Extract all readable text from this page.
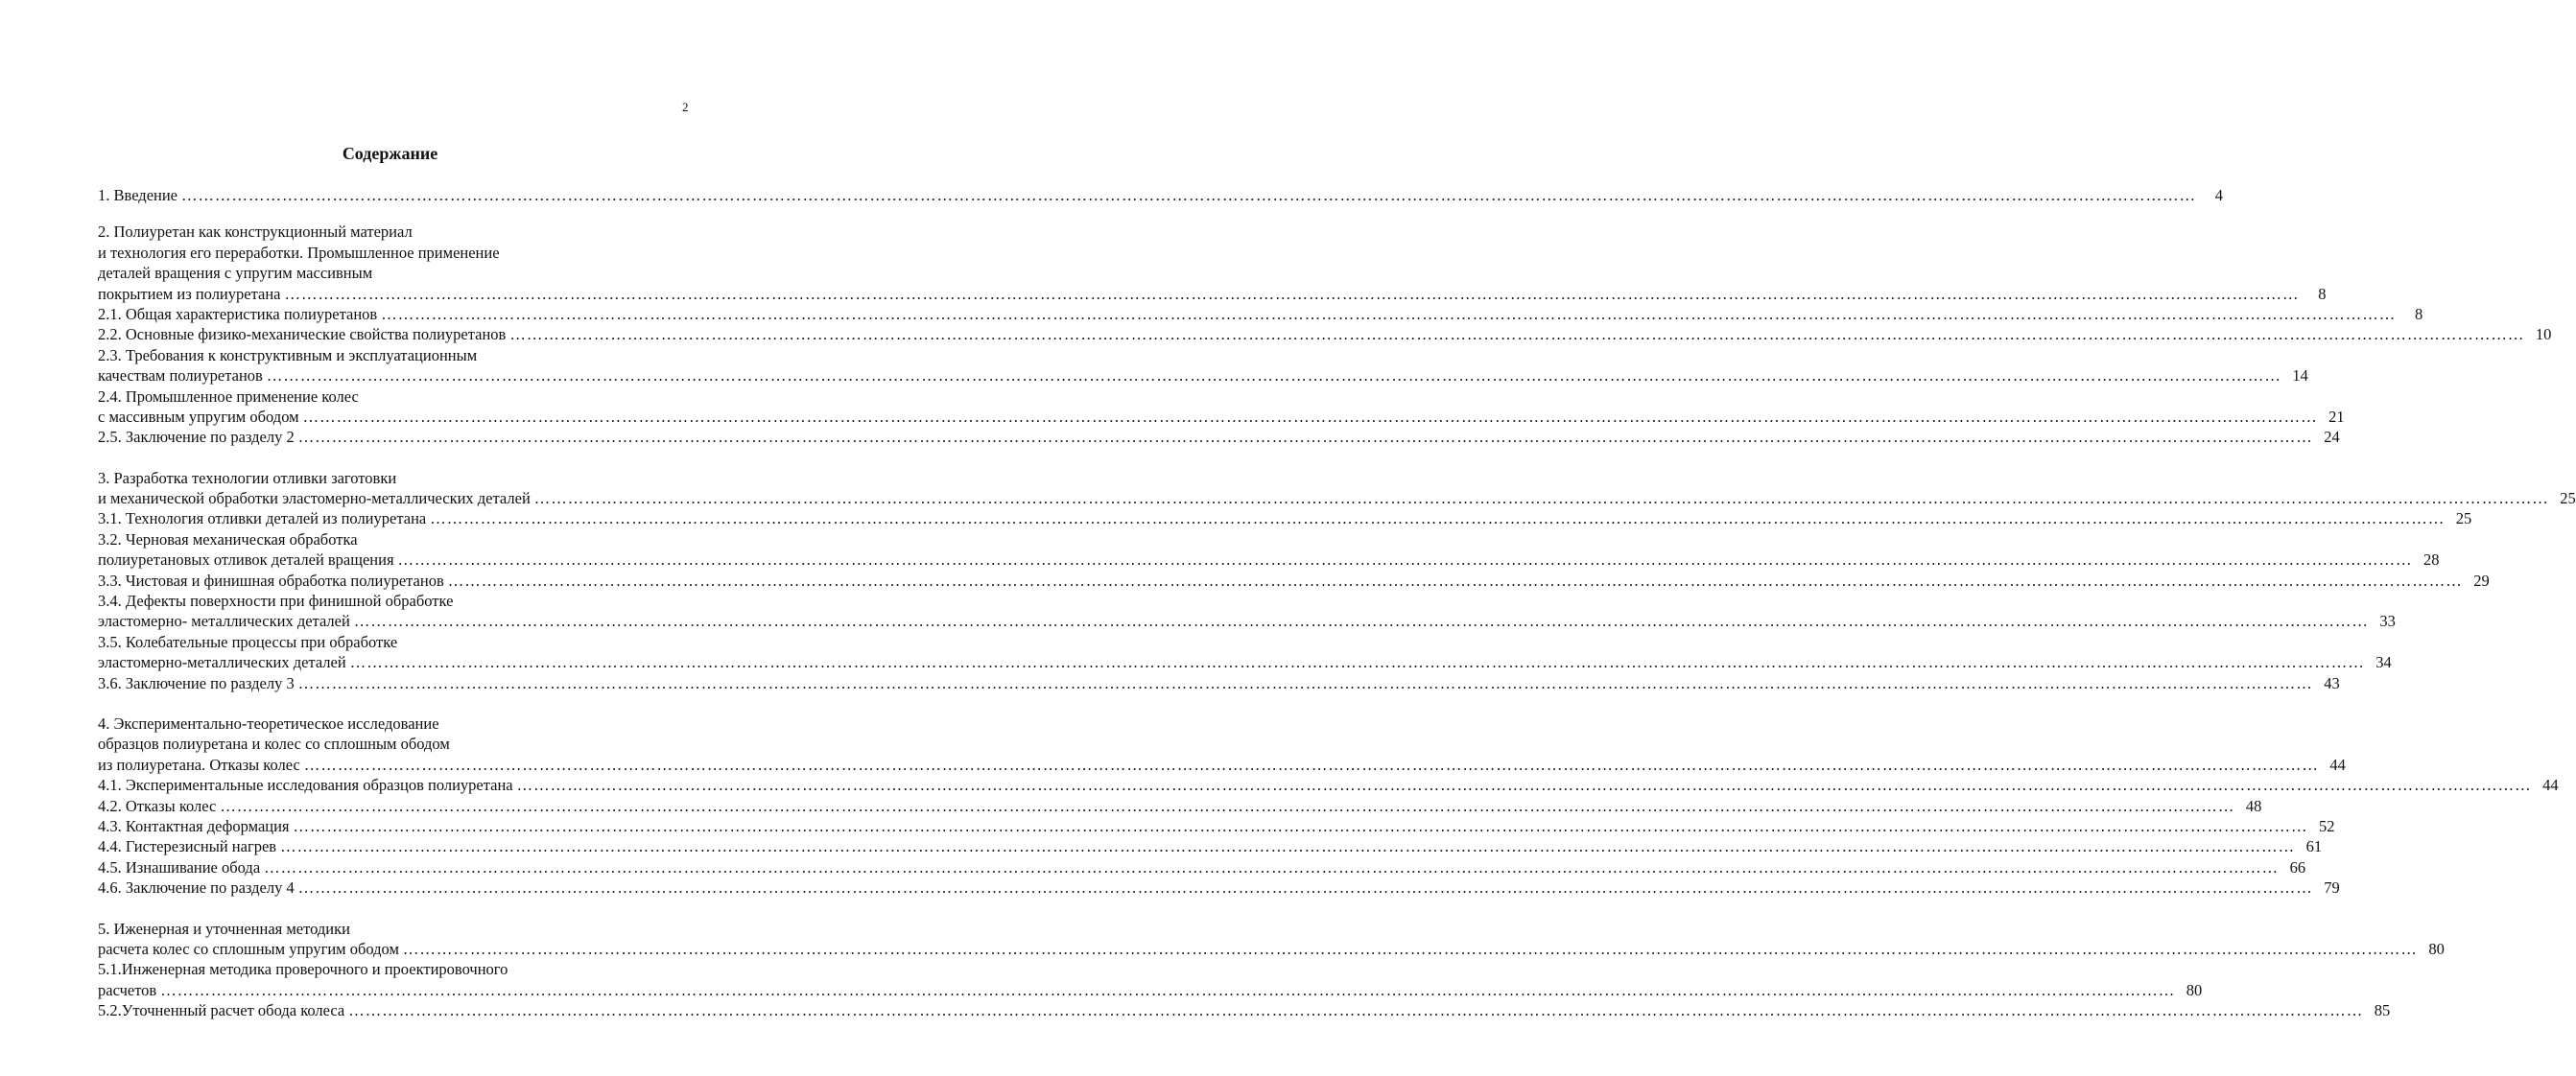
2
Содержание
1. Введение ………………………………………………………………………………………………………………………………………………………………………………………………………………………………………………………………………………………………………………………………	4
2. Полиуретан как конструкционный материал
и технология его переработки. Промышленное применение
деталей вращения с упругим массивным
покрытием из полиуретана ………………………………………………………………………………………………………………………………………………………………………………………………………………………………………………………………………………………………………………………………	8
2.1. Общая характеристика полиуретанов ………………………………………………………………………………………………………………………………………………………………………………………………………………………………………………………………………………………………………………………………	8
2.2. Основные физико-механические свойства полиуретанов ……………………………………………………………………………………………………………………………………………………………………………………………………………………………………………………………………………………………………………………………… 10
2.3. Требования к конструктивным и эксплуатационным
качествам полиуретанов ……………………………………………………………………………………………………………………………………………………………………………………………………………………………………………………………………………………………………………………………… 14
2.4. Промышленное применение колес
с массивным упругим ободом ……………………………………………………………………………………………………………………………………………………………………………………………………………………………………………………………………………………………………………………………… 21
2.5. Заключение по разделу 2 ……………………………………………………………………………………………………………………………………………………………………………………………………………………………………………………………………………………………………………………………… 24
3. Разработка технологии отливки заготовки
и механической обработки эластомерно-металлических деталей ……………………………………………………………………………………………………………………………………………………………………………………………………………………………………………………………………………………………………………………………… 25
3.1. Технология отливки деталей из полиуретана ……………………………………………………………………………………………………………………………………………………………………………………………………………………………………………………………………………………………………………………………… 25
3.2. Черновая механическая обработка
полиуретановых отливок деталей вращения ……………………………………………………………………………………………………………………………………………………………………………………………………………………………………………………………………………………………………………………………… 28
3.3. Чистовая и финишная обработка полиуретанов ……………………………………………………………………………………………………………………………………………………………………………………………………………………………………………………………………………………………………………………………… 29
3.4. Дефекты поверхности при финишной обработке
эластомерно- металлических деталей ……………………………………………………………………………………………………………………………………………………………………………………………………………………………………………………………………………………………………………………………… 33
3.5. Колебательные процессы при обработке
эластомерно-металлических деталей ……………………………………………………………………………………………………………………………………………………………………………………………………………………………………………………………………………………………………………………………… 34
3.6. Заключение по разделу 3 ……………………………………………………………………………………………………………………………………………………………………………………………………………………………………………………………………………………………………………………………… 43
4. Экспериментально-теоретическое исследование
образцов полиуретана и колес со сплошным ободом
из полиуретана. Отказы колес ……………………………………………………………………………………………………………………………………………………………………………………………………………………………………………………………………………………………………………………………… 44
4.1. Экспериментальные исследования образцов полиуретана ……………………………………………………………………………………………………………………………………………………………………………………………………………………………………………………………………………………………………………………………… 44
4.2. Отказы колес ……………………………………………………………………………………………………………………………………………………………………………………………………………………………………………………………………………………………………………………………… 48
4.3. Контактная деформация ……………………………………………………………………………………………………………………………………………………………………………………………………………………………………………………………………………………………………………………………… 52
4.4. Гистерезисный нагрев ……………………………………………………………………………………………………………………………………………………………………………………………………………………………………………………………………………………………………………………………… 61
4.5. Изнашивание обода ……………………………………………………………………………………………………………………………………………………………………………………………………………………………………………………………………………………………………………………………… 66
4.6. Заключение по разделу 4 ……………………………………………………………………………………………………………………………………………………………………………………………………………………………………………………………………………………………………………………………… 79
5. Иженерная и уточненная методики
расчета колес со сплошным упругим ободом ……………………………………………………………………………………………………………………………………………………………………………………………………………………………………………………………………………………………………………………………… 80
5.1.Инженерная методика проверочного и проектировочного
расчетов ……………………………………………………………………………………………………………………………………………………………………………………………………………………………………………………………………………………………………………………………… 80
5.2.Уточненный расчет обода колеса ……………………………………………………………………………………………………………………………………………………………………………………………………………………………………………………………………………………………………………………………… 85
